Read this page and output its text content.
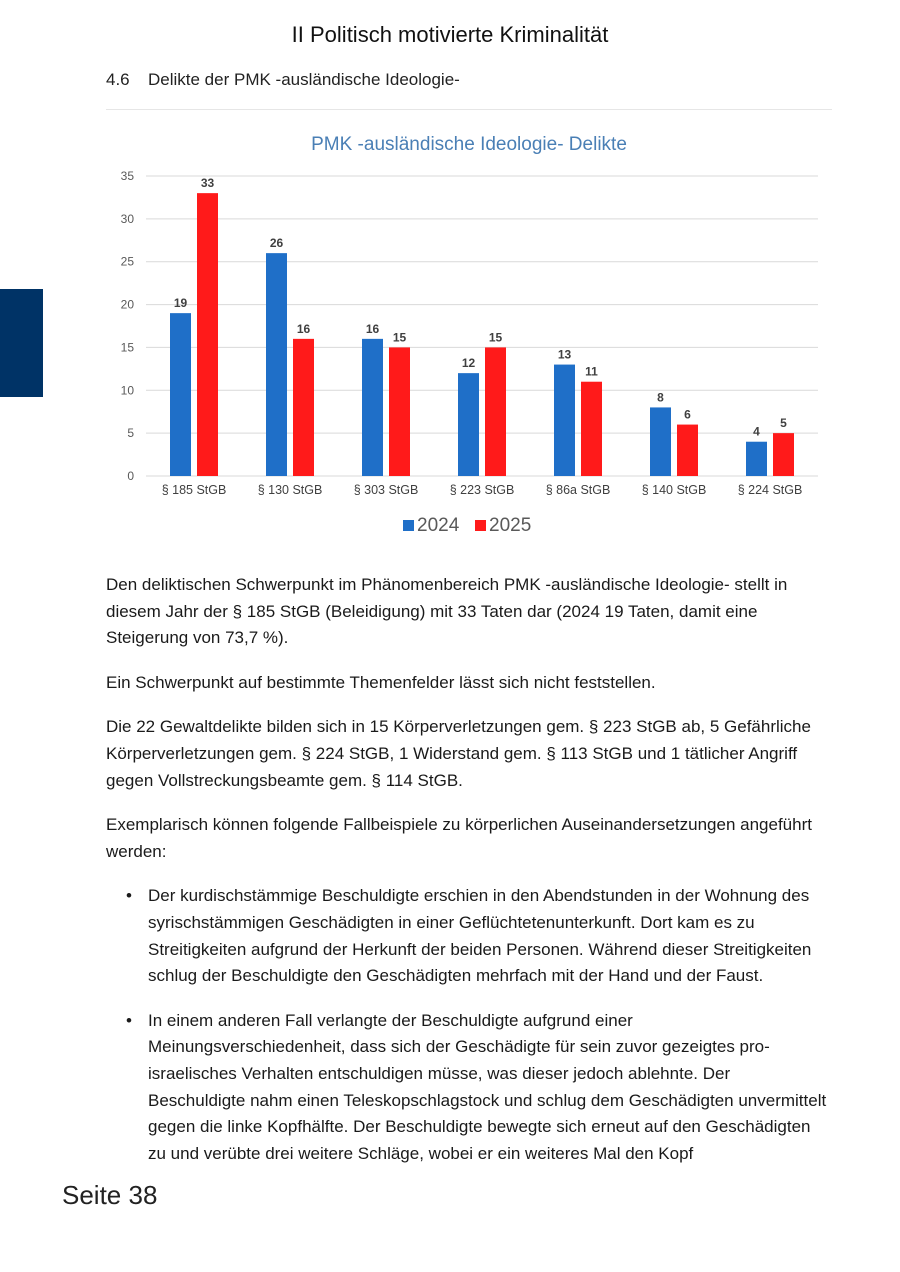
II Politisch motivierte Kriminalität
4.6 Delikte der PMK -ausländische Ideologie-
PMK -ausländische Ideologie- Delikte
0
5
10
15
20
25
30
35
19
33
§ 185 StGB
26
16
§ 130 StGB
16
15
§ 303 StGB
12
15
§ 223 StGB
13
11
§ 86a StGB
8
6
§ 140 StGB
4
5
§ 224 StGB
2024 2025

Den deliktischen Schwerpunkt im Phänomenbereich PMK -ausländische Ideologie- stellt in diesem Jahr der § 185 StGB (Beleidigung) mit 33 Taten dar (2024 19 Taten, damit eine Steigerung von 73,7 %).

Ein Schwerpunkt auf bestimmte Themenfelder lässt sich nicht feststellen.

Die 22 Gewaltdelikte bilden sich in 15 Körperverletzungen gem. § 223 StGB ab, 5 Gefährliche Körperverletzungen gem. § 224 StGB, 1 Widerstand gem. § 113 StGB und 1 tätlicher Angriff gegen Vollstreckungsbeamte gem. § 114 StGB.

Exemplarisch können folgende Fallbeispiele zu körperlichen Auseinandersetzungen angeführt werden:

• Der kurdischstämmige Beschuldigte erschien in den Abendstunden in der Wohnung des syrischstämmigen Geschädigten in einer Geflüchtetenunterkunft. Dort kam es zu Streitigkeiten aufgrund der Herkunft der beiden Personen. Während dieser Streitigkeiten schlug der Beschuldigte den Geschädigten mehrfach mit der Hand und der Faust.
• In einem anderen Fall verlangte der Beschuldigte aufgrund einer Meinungsverschiedenheit, dass sich der Geschädigte für sein zuvor gezeigtes pro-israelisches Verhalten entschuldigen müsse, was dieser jedoch ablehnte. Der Beschuldigte nahm einen Teleskopschlagstock und schlug dem Geschädigten unvermittelt gegen die linke Kopfhälfte. Der Beschuldigte bewegte sich erneut auf den Geschädigten zu und verübte drei weitere Schläge, wobei er ein weiteres Mal den Kopf
Seite 38
